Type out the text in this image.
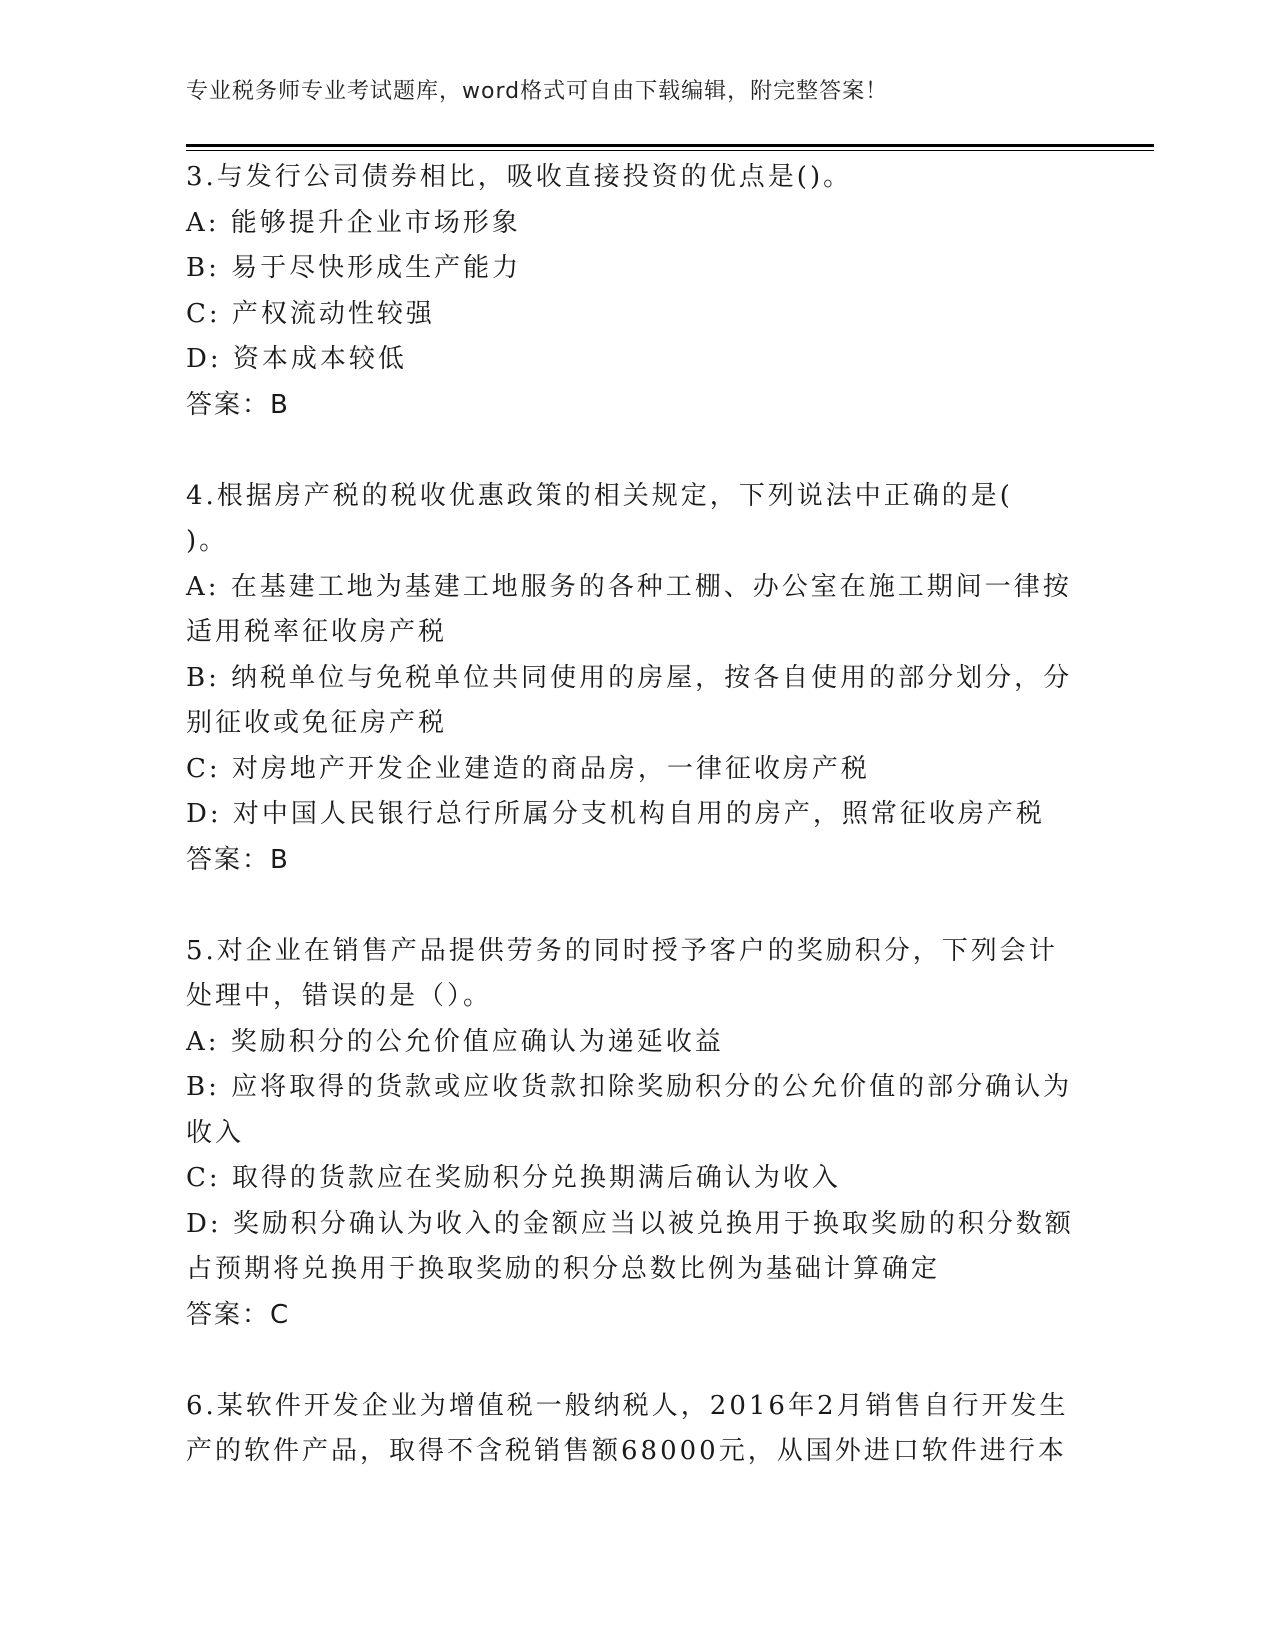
专业税务师专业考试题库，word格式可自由下载编辑，附完整答案！
3.与发行公司债券相比，吸收直接投资的优点是()。
A: 能够提升企业市场形象
B: 易于尽快形成生产能力
C: 产权流动性较强
D: 资本成本较低
答案：B
4.根据房产税的税收优惠政策的相关规定，下列说法中正确的是(
)。
A: 在基建工地为基建工地服务的各种工棚、办公室在施工期间一律按
适用税率征收房产税
B: 纳税单位与免税单位共同使用的房屋，按各自使用的部分划分，分
别征收或免征房产税
C: 对房地产开发企业建造的商品房，一律征收房产税
D: 对中国人民银行总行所属分支机构自用的房产，照常征收房产税
答案：B
5.对企业在销售产品提供劳务的同时授予客户的奖励积分，下列会计
处理中，错误的是（）。
A: 奖励积分的公允价值应确认为递延收益
B: 应将取得的货款或应收货款扣除奖励积分的公允价值的部分确认为
收入
C: 取得的货款应在奖励积分兑换期满后确认为收入
D: 奖励积分确认为收入的金额应当以被兑换用于换取奖励的积分数额
占预期将兑换用于换取奖励的积分总数比例为基础计算确定
答案：C
6.某软件开发企业为增值税一般纳税人，2016年2月销售自行开发生
产的软件产品，取得不含税销售额68000元，从国外进口软件进行本
